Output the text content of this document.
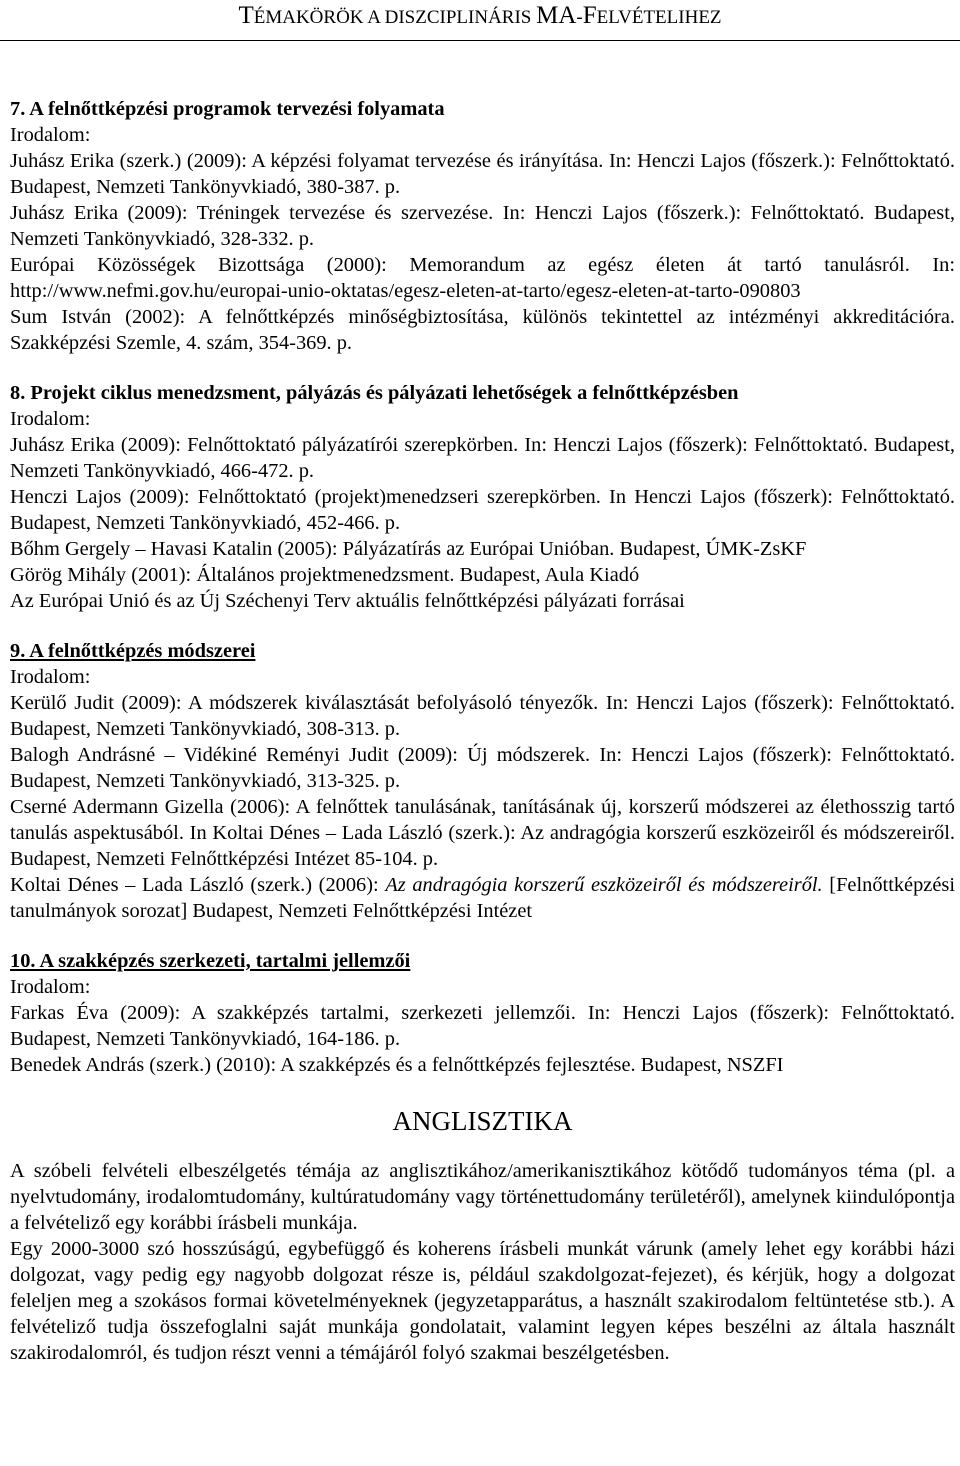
TÉMAKÖRÖK A DISZCIPLINÁRIS MA-FELVÉTELIHEZ
7. A felnőttképzési programok tervezési folyamata
Irodalom:
Juhász Erika (szerk.) (2009): A képzési folyamat tervezése és irányítása. In: Henczi Lajos (főszerk.): Felnőttoktató. Budapest, Nemzeti Tankönyvkiadó, 380-387. p.
Juhász Erika (2009): Tréningek tervezése és szervezése. In: Henczi Lajos (főszerk.): Felnőttoktató. Budapest, Nemzeti Tankönyvkiadó, 328-332. p.
Európai Közösségek Bizottsága (2000): Memorandum az egész életen át tartó tanulásról. In: http://www.nefmi.gov.hu/europai-unio-oktatas/egesz-eleten-at-tarto/egesz-eleten-at-tarto-090803
Sum István (2002): A felnőttképzés minőségbiztosítása, különös tekintettel az intézményi akkreditációra. Szakképzési Szemle, 4. szám, 354-369. p.
8. Projekt ciklus menedzsment, pályázás és pályázati lehetőségek a felnőttképzésben
Irodalom:
Juhász Erika (2009): Felnőttoktató pályázatírói szerepkörben. In: Henczi Lajos (főszerk): Felnőttoktató. Budapest, Nemzeti Tankönyvkiadó, 466-472. p.
Henczi Lajos (2009): Felnőttoktató (projekt)menedzseri szerepkörben. In Henczi Lajos (főszerk): Felnőttoktató. Budapest, Nemzeti Tankönyvkiadó, 452-466. p.
Bőhm Gergely – Havasi Katalin (2005): Pályázatírás az Európai Unióban. Budapest, ÚMK-ZsKF
Görög Mihály (2001): Általános projektmenedzsment. Budapest, Aula Kiadó
Az Európai Unió és az Új Széchenyi Terv aktuális felnőttképzési pályázati forrásai
9. A felnőttképzés módszerei
Irodalom:
Kerülő Judit (2009): A módszerek kiválasztását befolyásoló tényezők. In: Henczi Lajos (főszerk): Felnőttoktató. Budapest, Nemzeti Tankönyvkiadó, 308-313. p.
Balogh Andrásné – Vidékiné Reményi Judit (2009): Új módszerek. In: Henczi Lajos (főszerk): Felnőttoktató. Budapest, Nemzeti Tankönyvkiadó, 313-325. p.
Cserné Adermann Gizella (2006): A felnőttek tanulásának, tanításának új, korszerű módszerei az élethosszig tartó tanulás aspektusából. In Koltai Dénes – Lada László (szerk.): Az andragógia korszerű eszközeiről és módszereiről. Budapest, Nemzeti Felnőttképzési Intézet 85-104. p.
Koltai Dénes – Lada László (szerk.) (2006): Az andragógia korszerű eszközeiről és módszereiről. [Felnőttképzési tanulmányok sorozat] Budapest, Nemzeti Felnőttképzési Intézet
10. A szakképzés szerkezeti, tartalmi jellemzői
Irodalom:
Farkas Éva (2009): A szakképzés tartalmi, szerkezeti jellemzői. In: Henczi Lajos (főszerk): Felnőttoktató. Budapest, Nemzeti Tankönyvkiadó, 164-186. p.
Benedek András (szerk.) (2010): A szakképzés és a felnőttképzés fejlesztése. Budapest, NSZFI
ANGLISZTIKA
A szóbeli felvételi elbeszélgetés témája az anglisztikához/amerikanisztikához kötődő tudományos téma (pl. a nyelvtudomány, irodalomtudomány, kultúratudomány vagy történettudomány területéről), amelynek kiindulópontja a felvételiző egy korábbi írásbeli munkája.
Egy 2000-3000 szó hosszúságú, egybefüggő és koherens írásbeli munkát várunk (amely lehet egy korábbi házi dolgozat, vagy pedig egy nagyobb dolgozat része is, például szakdolgozat-fejezet), és kérjük, hogy a dolgozat feleljen meg a szokásos formai követelményeknek (jegyzetapparátus, a használt szakirodalom feltüntetése stb.). A felvételiző tudja összefoglalni saját munkája gondolatait, valamint legyen képes beszélni az általa használt szakirodalomról, és tudjon részt venni a témájáról folyó szakmai beszélgetésben.
